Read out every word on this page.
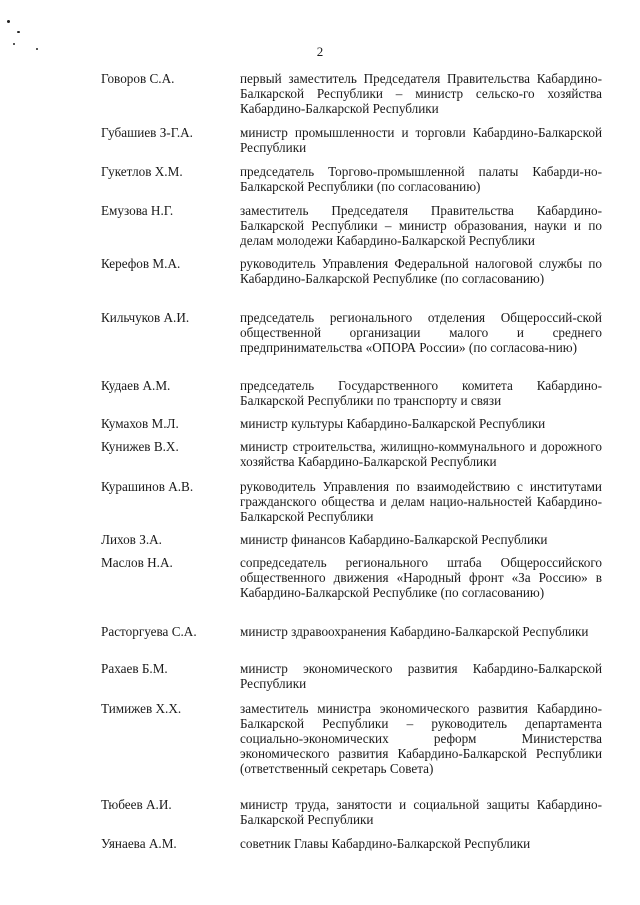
2
Говоров С.А.	первый заместитель Председателя Правительства Кабардино-Балкарской Республики – министр сельско-го хозяйства Кабардино-Балкарской Республики
Губашиев З-Г.А.	министр промышленности и торговли Кабардино-Балкарской Республики
Гукетлов Х.М.	председатель Торгово-промышленной палаты Кабарди-но-Балкарской Республики (по согласованию)
Емузова Н.Г.	заместитель Председателя Правительства Кабардино-Балкарской Республики – министр образования, науки и по делам молодежи Кабардино-Балкарской Республики
Керефов М.А.	руководитель Управления Федеральной налоговой службы по Кабардино-Балкарской Республике (по согласованию)
Кильчуков А.И.	председатель регионального отделения Общероссий-ской общественной организации малого и среднего предпринимательства «ОПОРА России» (по согласова-нию)
Кудаев А.М.	председатель Государственного комитета Кабардино-Балкарской Республики по транспорту и связи
Кумахов М.Л.	министр культуры Кабардино-Балкарской Республики
Кунижев В.Х.	министр строительства, жилищно-коммунального и дорожного хозяйства Кабардино-Балкарской Республики
Курашинов А.В.	руководитель Управления по взаимодействию с институтами гражданского общества и делам нацио-нальностей Кабардино-Балкарской Республики
Лихов З.А.	министр финансов Кабардино-Балкарской Республики
Маслов Н.А.	сопредседатель регионального штаба Общероссийского общественного движения «Народный фронт «За Россию» в Кабардино-Балкарской Республике (по согласованию)
Расторгуева С.А.	министр здравоохранения Кабардино-Балкарской Республики
Рахаев Б.М.	министр экономического развития Кабардино-Балкарской Республики
Тимижев Х.Х.	заместитель министра экономического развития Кабардино-Балкарской Республики – руководитель департамента социально-экономических реформ Министерства экономического развития Кабардино-Балкарской Республики (ответственный секретарь Совета)
Тюбеев А.И.	министр труда, занятости и социальной защиты Кабардино-Балкарской Республики
Уянаева А.М.	советник Главы Кабардино-Балкарской Республики
